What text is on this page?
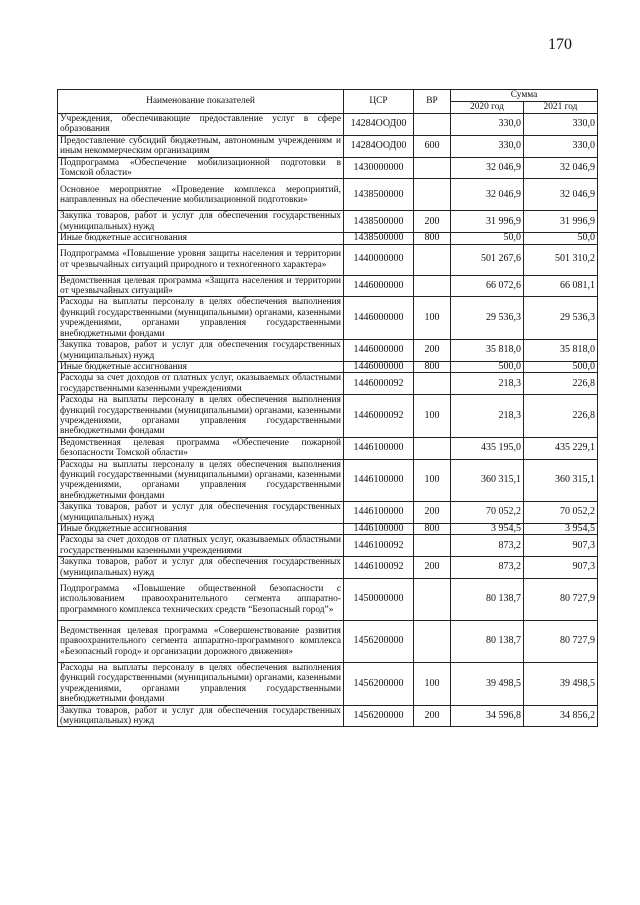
170
Наименование показателей	ЦСР	ВР	Сумма	
			2020 год	2021 год
Учреждения, обеспечивающие предоставление услуг в сфере образования	14284ООД00		330,0	330,0
Предоставление субсидий бюджетным, автономным учреждениям и иным некоммерческим организациям	14284ООД00	600	330,0	330,0
Подпрограмма «Обеспечение мобилизационной подготовки в Томской области»	1430000000		32 046,9	32 046,9
Основное мероприятие «Проведение комплекса мероприятий, направленных на обеспечение мобилизационной подготовки»	1438500000		32 046,9	32 046,9
Закупка товаров, работ и услуг для обеспечения государственных (муниципальных) нужд	1438500000	200	31 996,9	31 996,9
Иные бюджетные ассигнования	1438500000	800	50,0	50,0
Подпрограмма «Повышение уровня защиты населения и территории от чрезвычайных ситуаций природного и техногенного характера»	1440000000		501 267,6	501 310,2
Ведомственная целевая программа «Защита населения и территории от чрезвычайных ситуаций»	1446000000		66 072,6	66 081,1
Расходы на выплаты персоналу в целях обеспечения выполнения функций государственными (муниципальными) органами, казенными учреждениями, органами управления государственными внебюджетными фондами	1446000000	100	29 536,3	29 536,3
Закупка товаров, работ и услуг для обеспечения государственных (муниципальных) нужд	1446000000	200	35 818,0	35 818,0
Иные бюджетные ассигнования	1446000000	800	500,0	500,0
Расходы за счет доходов от платных услуг, оказываемых областными государственными казенными учреждениями	1446000092		218,3	226,8
Расходы на выплаты персоналу в целях обеспечения выполнения функций государственными (муниципальными) органами, казенными учреждениями, органами управления государственными внебюджетными фондами	1446000092	100	218,3	226,8
Ведомственная целевая программа «Обеспечение пожарной безопасности Томской области»	1446100000		435 195,0	435 229,1
Расходы на выплаты персоналу в целях обеспечения выполнения функций государственными (муниципальными) органами, казенными учреждениями, органами управления государственными внебюджетными фондами	1446100000	100	360 315,1	360 315,1
Закупка товаров, работ и услуг для обеспечения государственных (муниципальных) нужд	1446100000	200	70 052,2	70 052,2
Иные бюджетные ассигнования	1446100000	800	3 954,5	3 954,5
Расходы за счет доходов от платных услуг, оказываемых областными государственными казенными учреждениями	1446100092		873,2	907,3
Закупка товаров, работ и услуг для обеспечения государственных (муниципальных) нужд	1446100092	200	873,2	907,3
Подпрограмма «Повышение общественной безопасности с использованием правоохранительного сегмента аппаратно-программного комплекса технических средств “Безопасный город”»	1450000000		80 138,7	80 727,9
Ведомственная целевая программа «Совершенствование развития правоохранительного сегмента аппаратно-программного комплекса «Безопасный город» и организации дорожного движения»	1456200000		80 138,7	80 727,9
Расходы на выплаты персоналу в целях обеспечения выполнения функций государственными (муниципальными) органами, казенными учреждениями, органами управления государственными внебюджетными фондами	1456200000	100	39 498,5	39 498,5
Закупка товаров, работ и услуг для обеспечения государственных (муниципальных) нужд	1456200000	200	34 596,8	34 856,2
